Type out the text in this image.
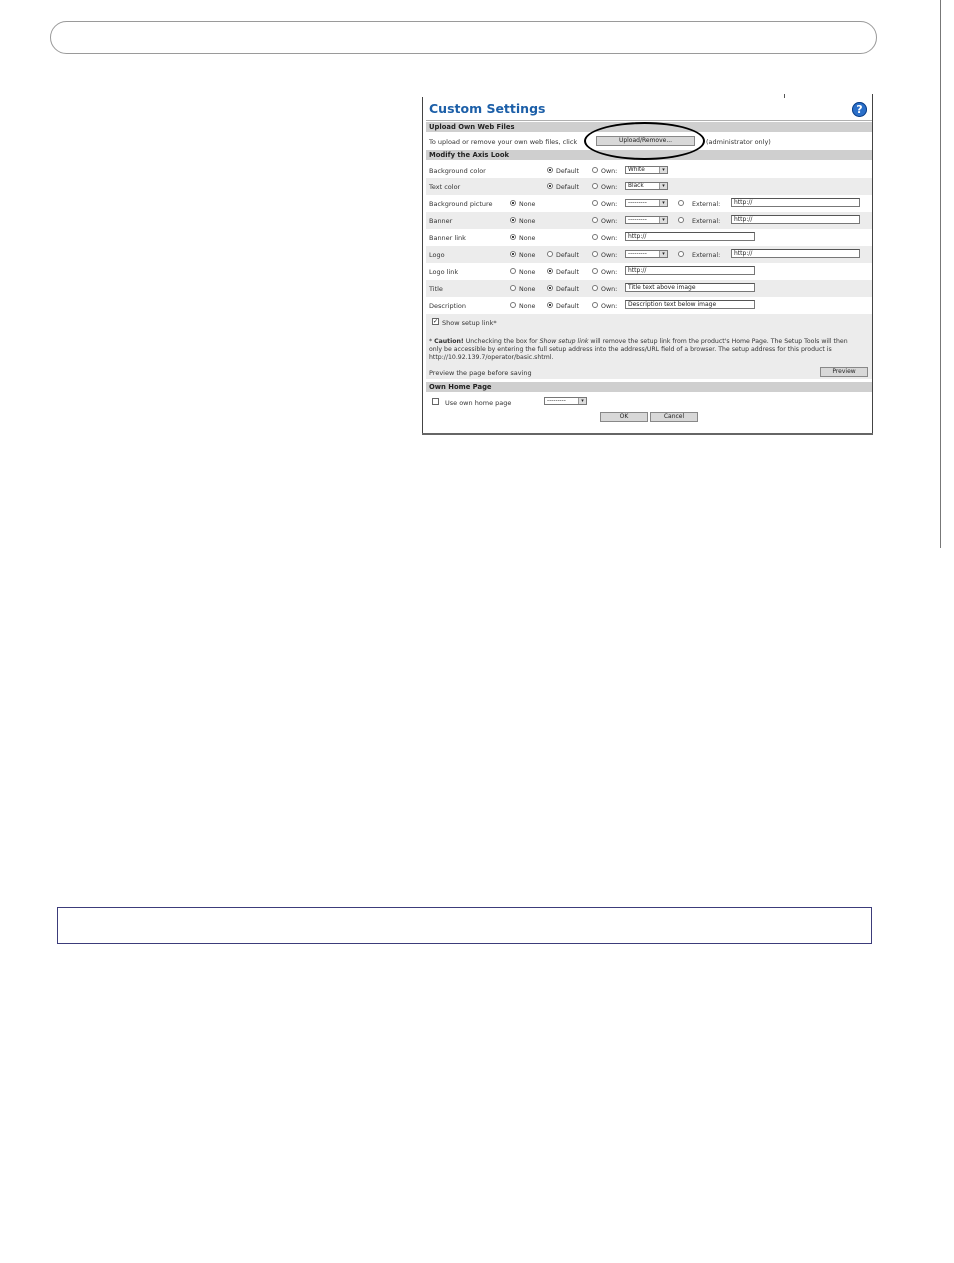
Custom Settings	?
Upload Own Web Files
To upload or remove your own web files, click	Upload/Remove...	(administrator only)
Modify the Axis Look
Background color	Default	Own:	White	▾
Text color	Default	Own:	Black	▾
Background picture	None	Own:	---------	▾	External:	http://
Banner	None	Own:	---------	▾	External:	http://
Banner link	None	Own:	http://
Logo	None	Default	Own:	---------	▾	External:	http://
Logo link	None	Default	Own:	http://
Title	None	Default	Own:	Title text above image
Description	None	Default	Own:	Description text below image
✓ Show setup link*
* Caution! Unchecking the box for Show setup link will remove the setup link from the product's Home Page. The Setup Tools will then only be accessible by entering the full setup address into the address/URL field of a browser. The setup address for this product is http://10.92.139.7/operator/basic.shtml.
Preview the page before saving	Preview
Own Home Page
Use own home page	---------	▾
OK	Cancel
